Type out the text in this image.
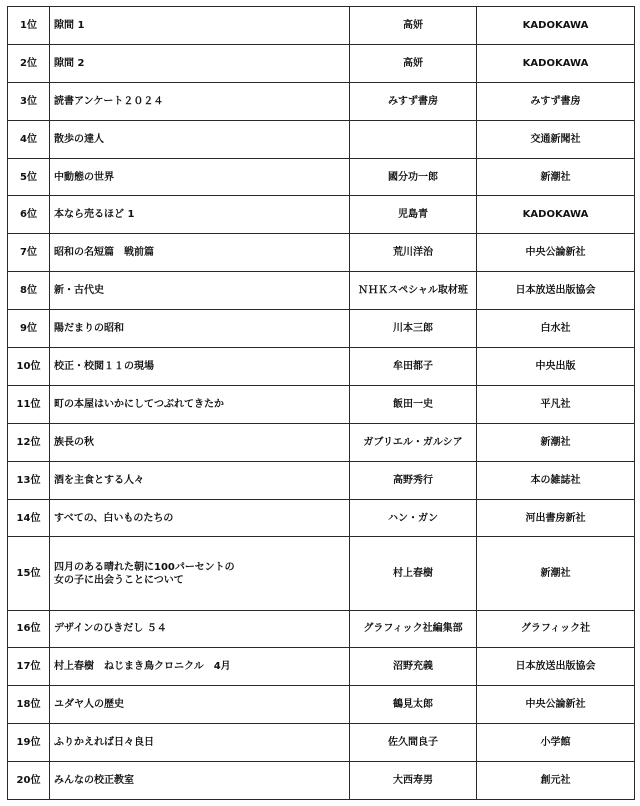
1位	隙間 1	高妍	KADOKAWA
2位	隙間 2	高妍	KADOKAWA
3位	読書アンケート２０２４	みすず書房	みすず書房
4位	散歩の達人		交通新聞社
5位	中動態の世界	國分功一郎	新潮社
6位	本なら売るほど 1	児島青	KADOKAWA
7位	昭和の名短篇　戦前篇	荒川洋治	中央公論新社
8位	新・古代史	ＮＨＫスペシャル取材班	日本放送出版協会
9位	陽だまりの昭和	川本三郎	白水社
10位	校正・校閲１１の現場	牟田都子	中央出版
11位	町の本屋はいかにしてつぶれてきたか	飯田一史	平凡社
12位	族長の秋	ガブリエル・ガルシア	新潮社
13位	酒を主食とする人々	高野秀行	本の雑誌社
14位	すべての、白いものたちの	ハン・ガン	河出書房新社
15位	四月のある晴れた朝に100パーセントの
女の子に出会うことについて	村上春樹	新潮社
16位	デザインのひきだし ５４	グラフィック社編集部	グラフィック社
17位	村上春樹　ねじまき鳥クロニクル　4月	沼野充義	日本放送出版協会
18位	ユダヤ人の歴史	鶴見太郎	中央公論新社
19位	ふりかえれば日々良日	佐久間良子	小学館
20位	みんなの校正教室	大西寿男	創元社
